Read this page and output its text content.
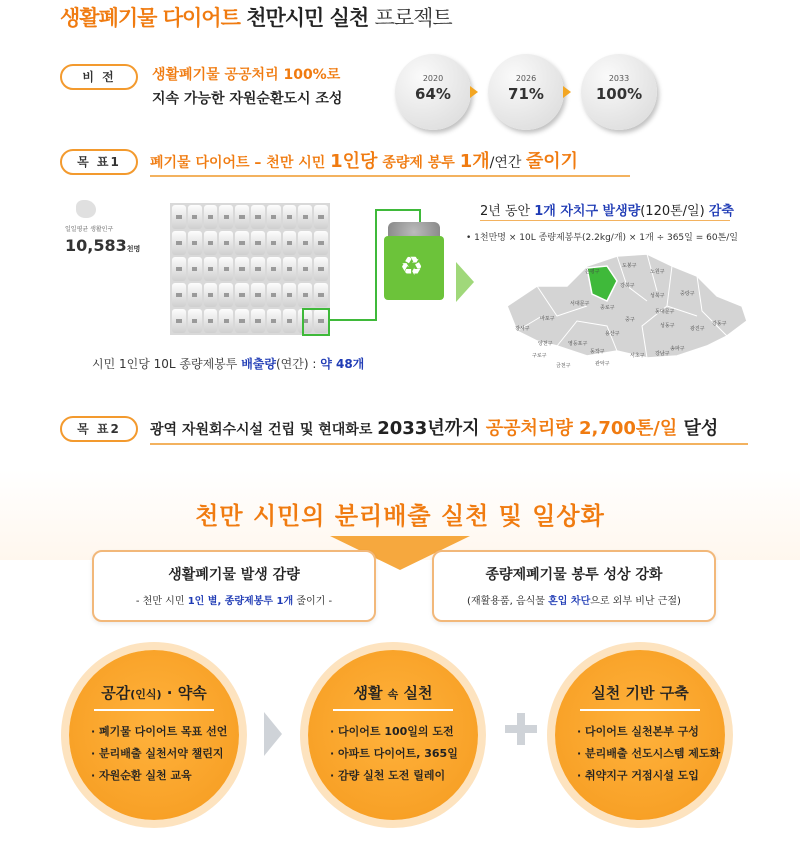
생활폐기물 다이어트 천만시민 실천 프로젝트
비 전	생활폐기물 공공처리 100%로
지속 가능한 자원순환도시 조성
2020
64%
2026
71%
2033
100%
목 표1	폐기물 다이어트 – 천만 시민 1인당 종량제 봉투 1개/연간 줄이기
일일평균 생활인구
10,583천명
♻
2년 동안 1개 자치구 발생량(120톤/일) 감축
• 1천만명 × 10L 종량제봉투(2.2kg/개) × 1개 ÷ 365일 = 60톤/일
은평구
도봉구
노원구
강북구
성북구	중랑구
종로구
서대문구
동대문구
마포구	중구
광진구
성동구
강서구
용산구
양천구	영등포구
동작구
강동구
송파구
구로구
금천구	관악구
서초구 강남구
시민 1인당 10L 종량제봉투 배출량(연간) : 약 48개
목 표2	광역 자원회수시설 건립 및 현대화로 2033년까지 공공처리량 2,700톤/일 달성
천만 시민의 분리배출 실천 및 일상화
생활폐기물 발생 감량
- 천만 시민 1인 별, 종량제봉투 1개 줄이기 -
종량제폐기물 봉투 성상 강화
(재활용품, 음식물 혼입 차단으로 외부 비난 근절)
공감(인식) · 약속
· 폐기물 다이어트 목표 선언
· 분리배출 실천서약 챌린지
· 자원순환 실천 교육
생활 속 실천
· 다이어트 100일의 도전
· 아파트 다이어트, 365일
· 감량 실천 도전 릴레이
실천 기반 구축
· 다이어트 실천본부 구성
· 분리배출 선도시스템 제도화
· 취약지구 거점시설 도입
